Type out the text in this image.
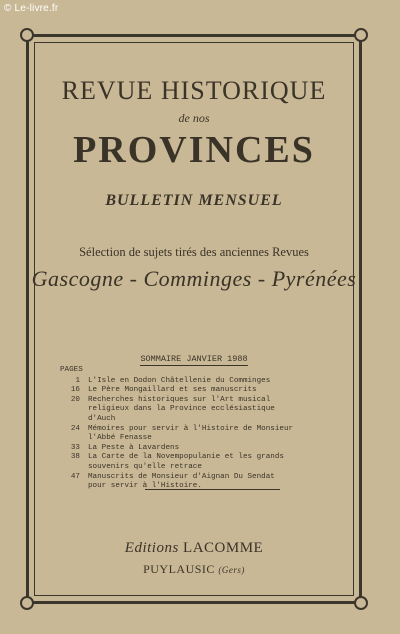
© Le-livre.fr
REVUE HISTORIQUE
de nos
PROVINCES
BULLETIN MENSUEL
Sélection de sujets tirés des anciennes Revues
Gascogne - Comminges - Pyrénées
SOMMAIRE JANVIER 1988
PAGES
1	L'Isle en Dodon Châtellenie du Comminges
16	Le Père Mongaillard et ses manuscrits
20	Recherches historiques sur l'Art musical
religieux dans la Province ecclésiastique
d'Auch
24	Mémoires pour servir à l'Histoire de Monsieur
l'Abbé Fenasse
33	La Peste à Lavardens
38	La Carte de la Novempopulanie et les grands
souvenirs qu'elle retrace
47	Manuscrits de Monsieur d'Aignan Du Sendat
pour servir à l'Histoire.
Editions LACOMME
PUYLAUSIC (Gers)
